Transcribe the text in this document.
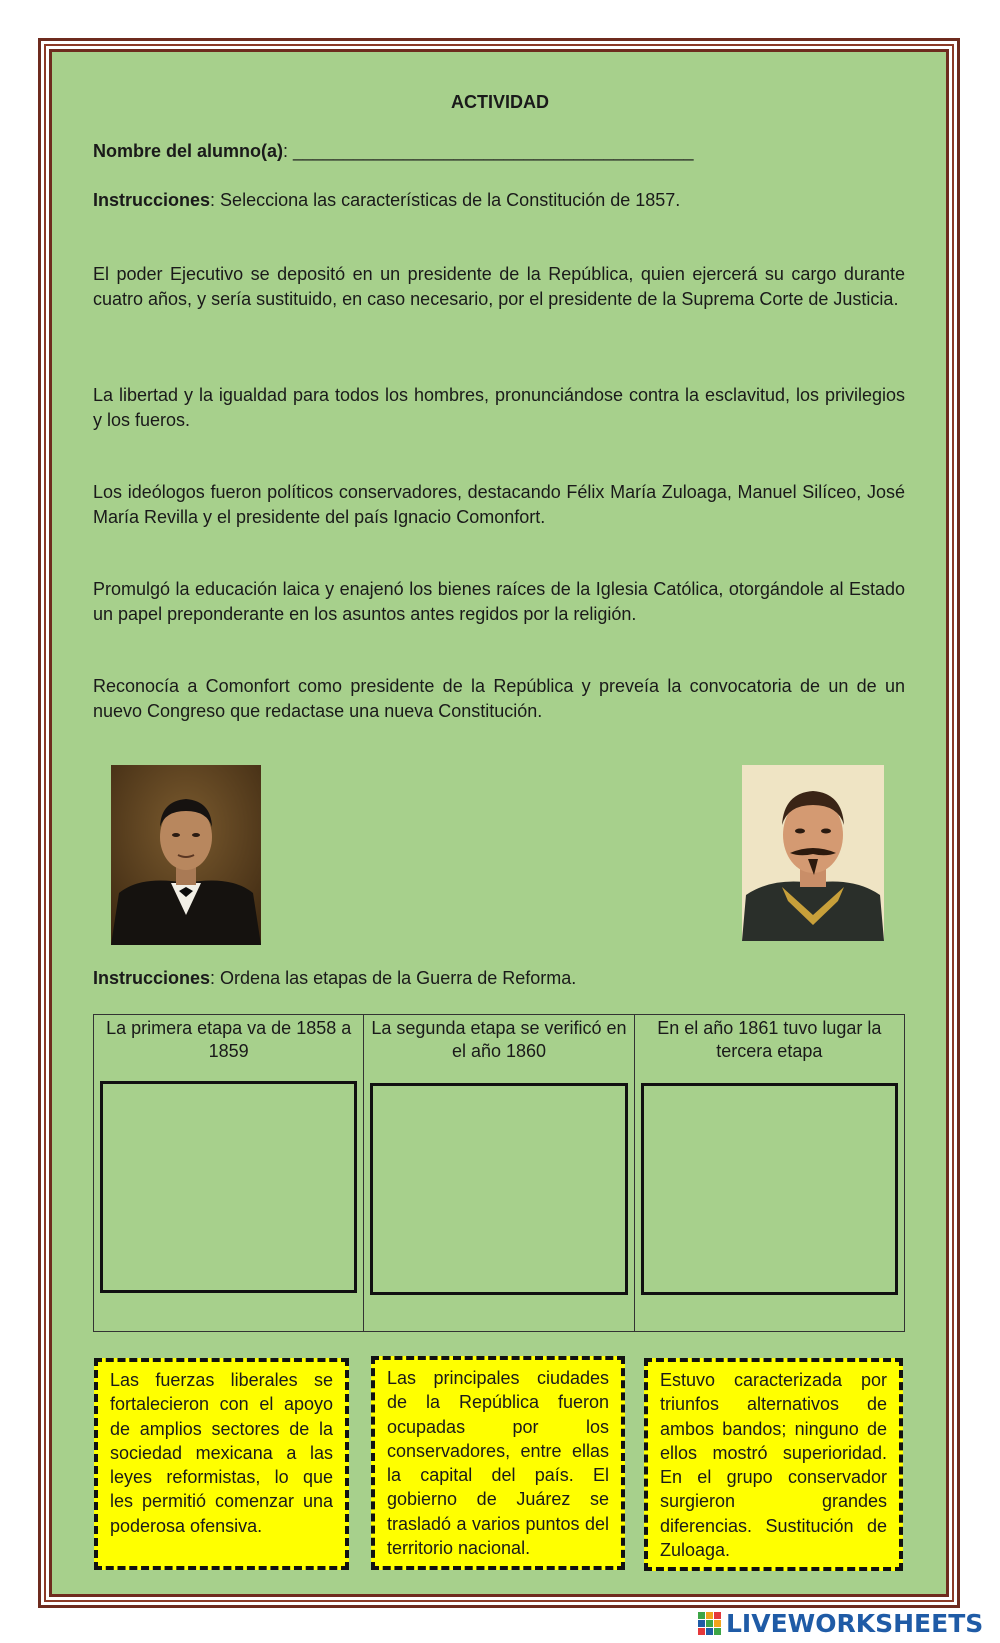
ACTIVIDAD
Nombre del alumno(a): ________________________________________
Instrucciones: Selecciona las características de la Constitución de 1857.
El poder Ejecutivo se depositó en un presidente de la República, quien ejercerá su cargo durante cuatro años, y sería sustituido, en caso necesario, por el presidente de la Suprema Corte de Justicia.
La libertad y la igualdad para todos los hombres, pronunciándose contra la esclavitud, los privilegios y los fueros.
Los ideólogos fueron políticos conservadores, destacando Félix María Zuloaga, Manuel Silíceo, José María Revilla y el presidente del país Ignacio Comonfort.
Promulgó la educación laica y enajenó los bienes raíces de la Iglesia Católica, otorgándole al Estado un papel preponderante en los asuntos antes regidos por la religión.
Reconocía a Comonfort como presidente de la República y preveía la convocatoria de un de un nuevo Congreso que redactase una nueva Constitución.
Instrucciones: Ordena las etapas de la Guerra de Reforma.
La primera etapa va de 1858 a 1859
La segunda etapa se verificó en el año 1860
En el año 1861 tuvo lugar la tercera etapa
Las fuerzas liberales se fortalecieron con el apoyo de amplios sectores de la sociedad mexicana a las leyes reformistas, lo que les permitió comenzar una poderosa ofensiva.
Las principales ciudades de la República fueron ocupadas por los conservadores, entre ellas la capital del país. El gobierno de Juárez se trasladó a varios puntos del territorio nacional.
Estuvo caracterizada por triunfos alternativos de ambos bandos; ninguno de ellos mostró superioridad. En el grupo conservador surgieron grandes diferencias. Sustitución de Zuloaga.
LIVEWORKSHEETS
